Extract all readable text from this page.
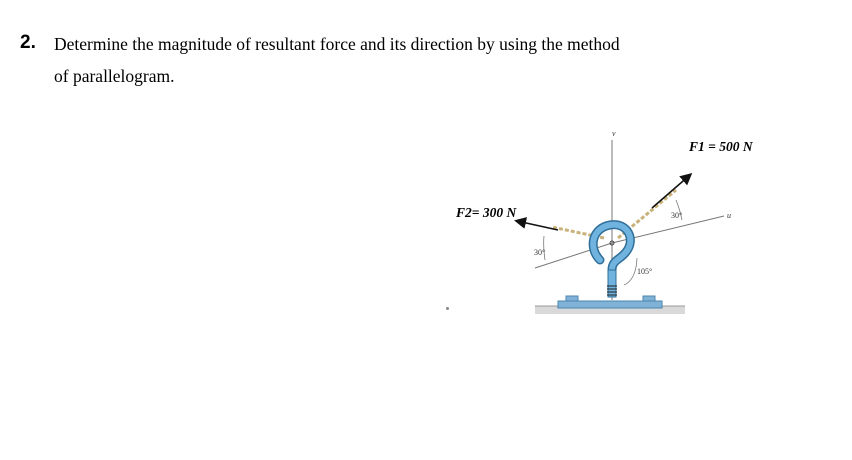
2. Determine the magnitude of resultant force and its direction by using the method
of parallelogram.
F1 = 500 N
F2= 300 N	30°
30°
105°
v
u
